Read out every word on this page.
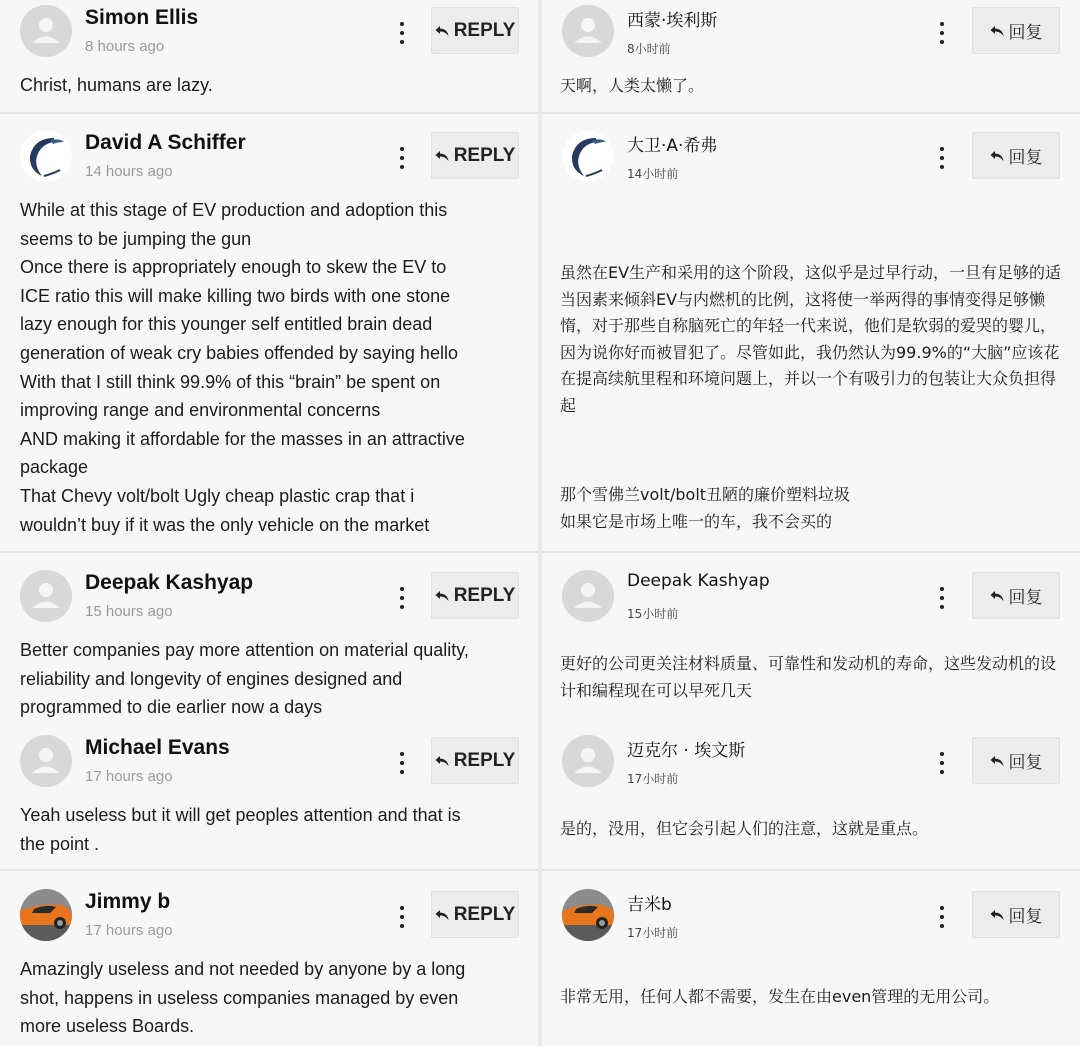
Simon Ellis
8 hours ago
REPLY
Christ, humans are lazy.
David A Schiffer
14 hours ago
REPLY
While at this stage of EV production and adoption this
seems to be jumping the gun
Once there is appropriately enough to skew the EV to
ICE ratio this will make killing two birds with one stone
lazy enough for this younger self entitled brain dead
generation of weak cry babies offended by saying hello
With that I still think 99.9% of this “brain” be spent on
improving range and environmental concerns
AND making it affordable for the masses in an attractive
package
That Chevy volt/bolt Ugly cheap plastic crap that i
wouldn’t buy if it was the only vehicle on the market
Deepak Kashyap
15 hours ago
REPLY
Better companies pay more attention on material quality,
reliability and longevity of engines designed and
programmed to die earlier now a days
Michael Evans
17 hours ago
REPLY
Yeah useless but it will get peoples attention and that is
the point .
Jimmy b
17 hours ago
REPLY
Amazingly useless and not needed by anyone by a long
shot, happens in useless companies managed by even
more useless Boards.
西蒙·埃利斯
8小时前
回复
天啊，人类太懒了。
大卫·A·希弗
14小时前
回复
虽然在EV生产和采用的这个阶段，这似乎是过早行动，一旦有足够的适当因素来倾斜EV与内燃机的比例，这将使一举两得的事情变得足够懒惰，对于那些自称脑死亡的年轻一代来说，他们是软弱的爱哭的婴儿，因为说你好而被冒犯了。尽管如此，我仍然认为99.9%的“大脑”应该花在提高续航里程和环境问题上，并以一个有吸引力的包装让大众负担得起
那个雪佛兰volt/bolt丑陋的廉价塑料垃圾
如果它是市场上唯一的车，我不会买的
Deepak Kashyap
15小时前
回复
更好的公司更关注材料质量、可靠性和发动机的寿命，这些发动机的设计和编程现在可以早死几天
迈克尔 · 埃文斯
17小时前
回复
是的，没用，但它会引起人们的注意，这就是重点。
吉米b
17小时前
回复
非常无用，任何人都不需要，发生在由even管理的无用公司。
